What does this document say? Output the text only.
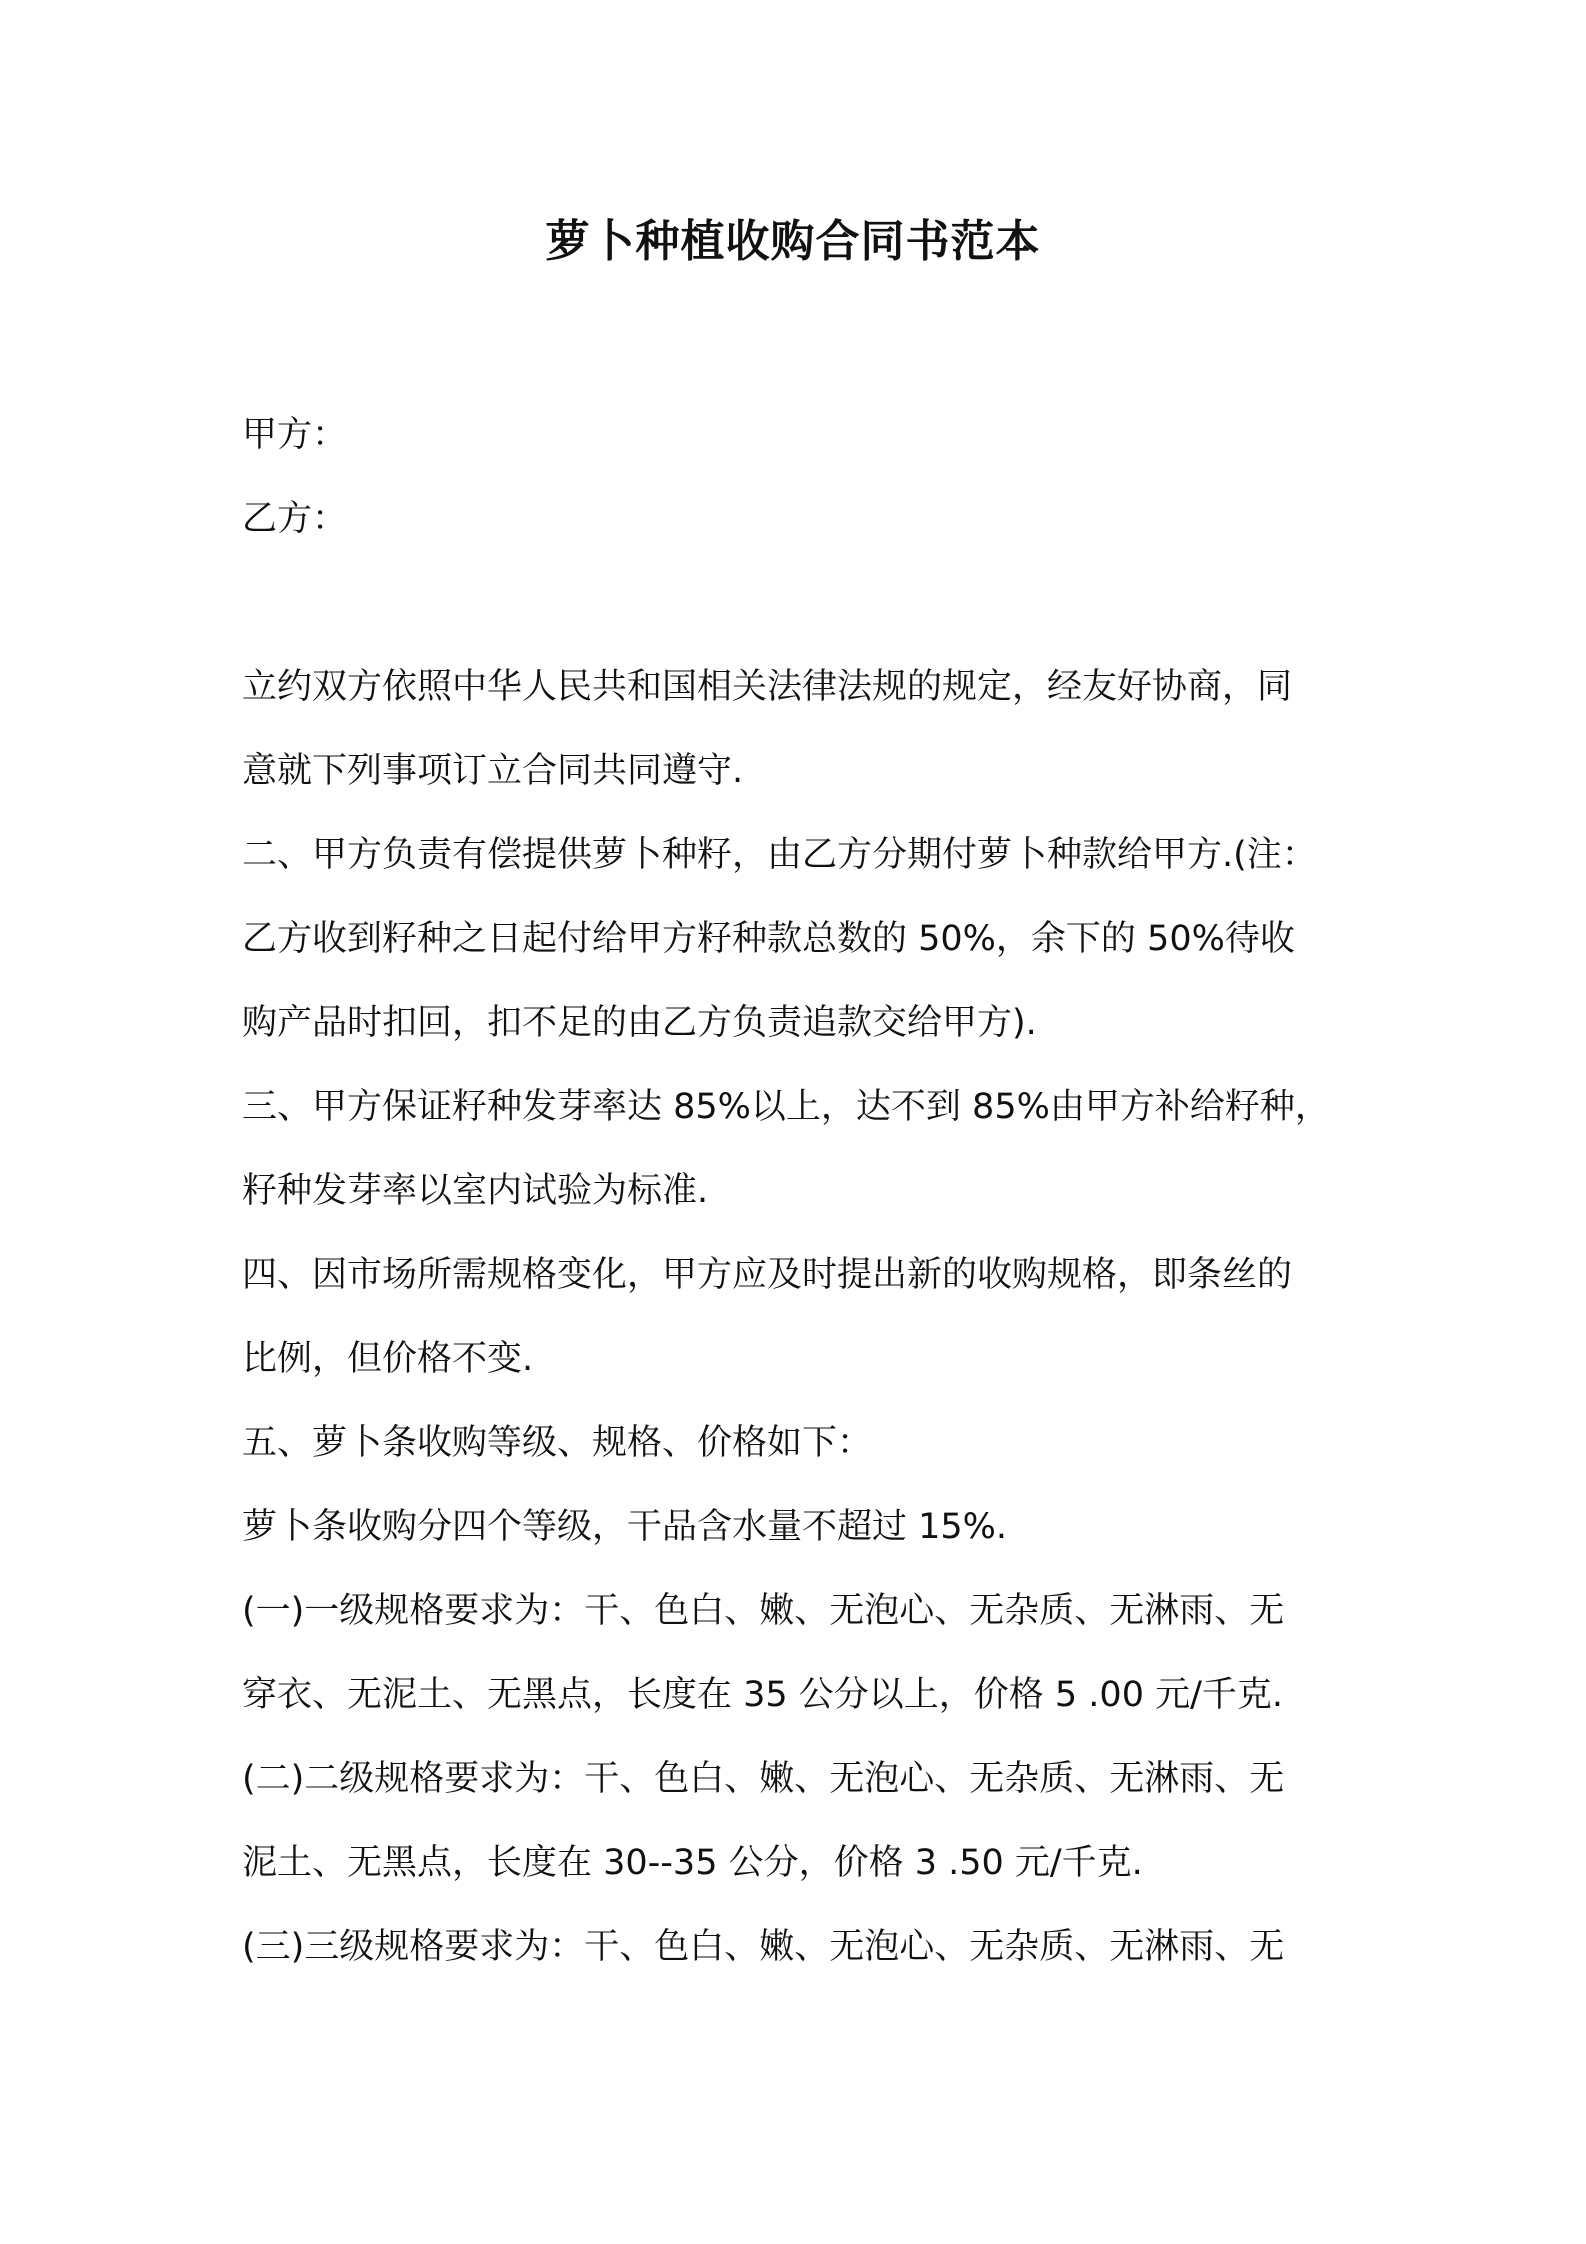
萝卜种植收购合同书范本
甲方：
乙方：
立约双方依照中华人民共和国相关法律法规的规定，经友好协商，同
意就下列事项订立合同共同遵守.
二、甲方负责有偿提供萝卜种籽，由乙方分期付萝卜种款给甲方.(注：
乙方收到籽种之日起付给甲方籽种款总数的 50%，余下的 50%待收
购产品时扣回，扣不足的由乙方负责追款交给甲方).
三、甲方保证籽种发芽率达 85%以上，达不到 85%由甲方补给籽种，
籽种发芽率以室内试验为标准.
四、因市场所需规格变化，甲方应及时提出新的收购规格，即条丝的
比例，但价格不变.
五、萝卜条收购等级、规格、价格如下：
萝卜条收购分四个等级，干品含水量不超过 15%.
(一)一级规格要求为：干、色白、嫩、无泡心、无杂质、无淋雨、无
穿衣、无泥土、无黑点，长度在 35 公分以上，价格 5 .00 元/千克.
(二)二级规格要求为：干、色白、嫩、无泡心、无杂质、无淋雨、无
泥土、无黑点，长度在 30--35 公分，价格 3 .50 元/千克.
(三)三级规格要求为：干、色白、嫩、无泡心、无杂质、无淋雨、无
